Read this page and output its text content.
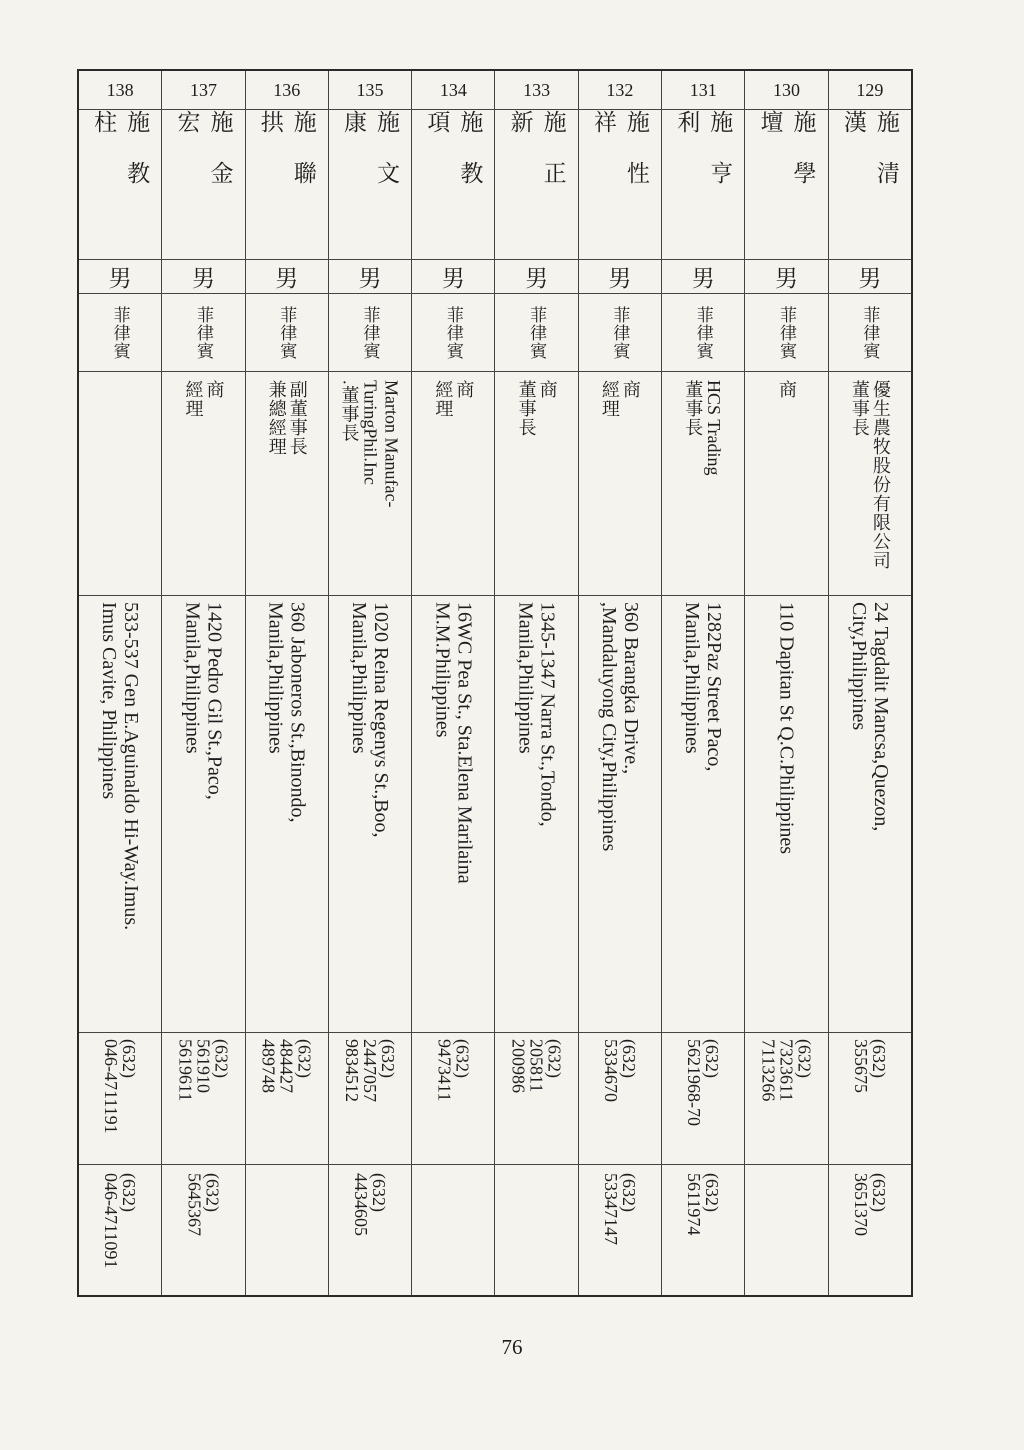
138
施教柱
男
菲律賓
533-537 Gen E.Aguinaldo Hi-Way.Imus.
Imus Cavite, Philippines
(632)
046-4711191
(632)
046-4711091
137
施金宏
男
菲律賓
商
經理
1420 Pedro Gil St.,Paco,
Manila,Philippines
(632)
561910
5619611
(632)
5645367
136
施聯拱
男
菲律賓
副董事長
兼總經理
360 Jaboneros St.,Binondo,
Manila,Philippines
(632)
484427
489748
135
施文康
男
菲律賓
Marton Manufac-
TuringPhil.Inc
.董事長
1020 Reina Regenys St.,Boo,
Manila,Philippines
(632)
2447057
9834512
(632)
4434605
134
施教項
男
菲律賓
商
經理
16WC Pea St., Sta.Elena Marilaina
M.M.Philippines
(632)
9473411
133
施正新
男
菲律賓
商
董事長
1345-1347 Narra St.,Tondo,
Manila,Philippines
(632)
205811
200986
132
施性祥
男
菲律賓
商
經理
360 Barangka Drive.,
,Mandaluyong City,Philippines
(632)
5334670
(632)
53347147
131
施亨利
男
菲律賓
HCS Trading
董事長
1282Paz Street Paco,
Manila,Philippines
(632)
5621968-70
(632)
5611974
130
施學壇
男
菲律賓
商
110 Dapitan St Q.C.Philippines
(632)
7323611
7113266
129
施清漢
男
菲律賓
優生農牧股份有限公司
董事長
24 Tagdalit Mancsa,Quezon,
City,Philippines
(632)
355675
(632)
3651370
76
